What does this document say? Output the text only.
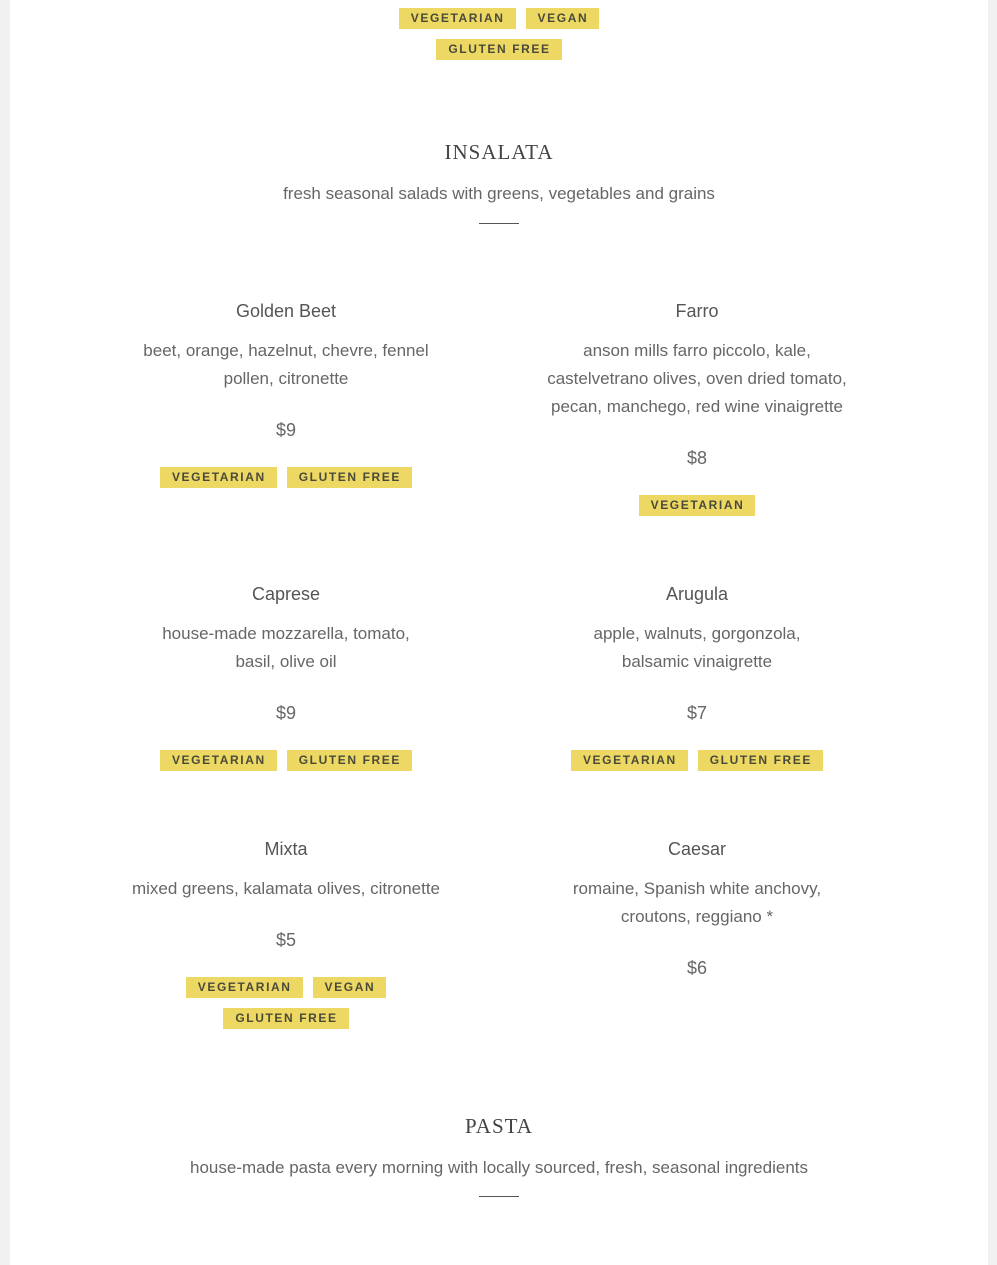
VEGETARIAN	VEGAN
GLUTEN FREE
INSALATA
fresh seasonal salads with greens, vegetables and grains
Golden Beet
beet, orange, hazelnut, chevre, fennel pollen, citronette
$9
VEGETARIAN	GLUTEN FREE
Farro
anson mills farro piccolo, kale, castelvetrano olives, oven dried tomato, pecan, manchego, red wine vinaigrette
$8
VEGETARIAN
Caprese
house-made mozzarella, tomato, basil, olive oil
$9
VEGETARIAN	GLUTEN FREE
Arugula
apple, walnuts, gorgonzola, balsamic vinaigrette
$7
VEGETARIAN	GLUTEN FREE
Mixta
mixed greens, kalamata olives, citronette
$5
VEGETARIAN	VEGAN
GLUTEN FREE
Caesar
romaine, Spanish white anchovy, croutons, reggiano *
$6
PASTA
house-made pasta every morning with locally sourced, fresh, seasonal ingredients
